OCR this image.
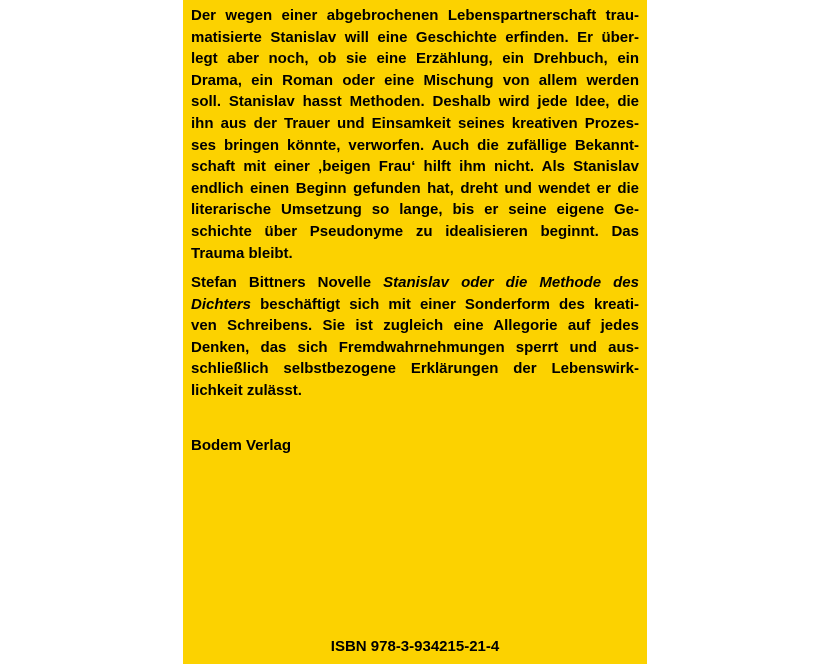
Der wegen einer abgebrochenen Lebenspartnerschaft trau-
matisierte Stanislav will eine Geschichte erfinden. Er über-
legt aber noch, ob sie eine Erzählung, ein Drehbuch, ein
Drama, ein Roman oder eine Mischung von allem werden
soll. Stanislav hasst Methoden. Deshalb wird jede Idee, die
ihn aus der Trauer und Einsamkeit seines kreativen Prozes-
ses bringen könnte, verworfen. Auch die zufällige Bekannt-
schaft mit einer ‚beigen Frau‘ hilft ihm nicht. Als Stanislav
endlich einen Beginn gefunden hat, dreht und wendet er die
literarische Umsetzung so lange, bis er seine eigene Ge-
schichte über Pseudonyme zu idealisieren beginnt. Das
Trauma bleibt.
Stefan Bittners Novelle Stanislav oder die Methode des
Dichters beschäftigt sich mit einer Sonderform des kreati-
ven Schreibens. Sie ist zugleich eine Allegorie auf jedes
Denken, das sich Fremdwahrnehmungen sperrt und aus-
schließlich selbstbezogene Erklärungen der Lebenswirk-
lichkeit zulässt.
Bodem Verlag
ISBN 978-3-934215-21-4
